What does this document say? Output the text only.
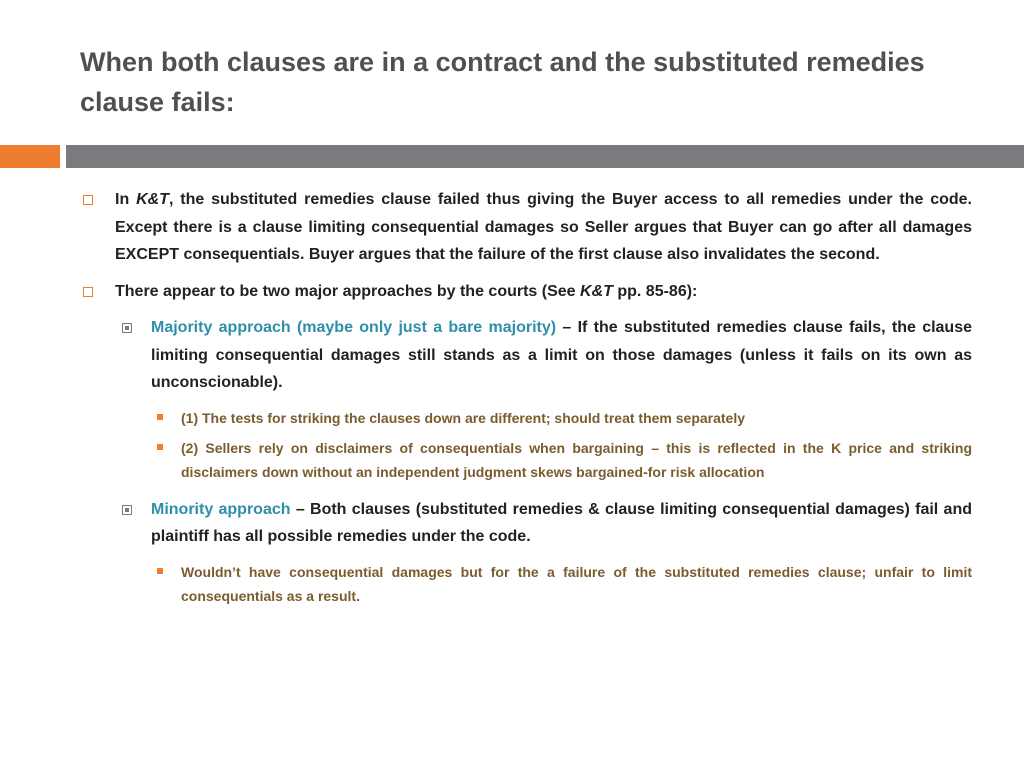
When both clauses are in a contract and the substituted remedies clause fails:
In K&T, the substituted remedies clause failed thus giving the Buyer access to all remedies under the code. Except there is a clause limiting consequential damages so Seller argues that Buyer can go after all damages EXCEPT consequentials. Buyer argues that the failure of the first clause also invalidates the second.
There appear to be two major approaches by the courts (See K&T pp. 85-86):
Majority approach (maybe only just a bare majority) – If the substituted remedies clause fails, the clause limiting consequential damages still stands as a limit on those damages (unless it fails on its own as unconscionable).
(1) The tests for striking the clauses down are different; should treat them separately
(2) Sellers rely on disclaimers of consequentials when bargaining – this is reflected in the K price and striking disclaimers down without an independent judgment skews bargained-for risk allocation
Minority approach – Both clauses (substituted remedies & clause limiting consequential damages) fail and plaintiff has all possible remedies under the code.
Wouldn’t have consequential damages but for the a failure of the substituted remedies clause; unfair to limit consequentials as a result.
